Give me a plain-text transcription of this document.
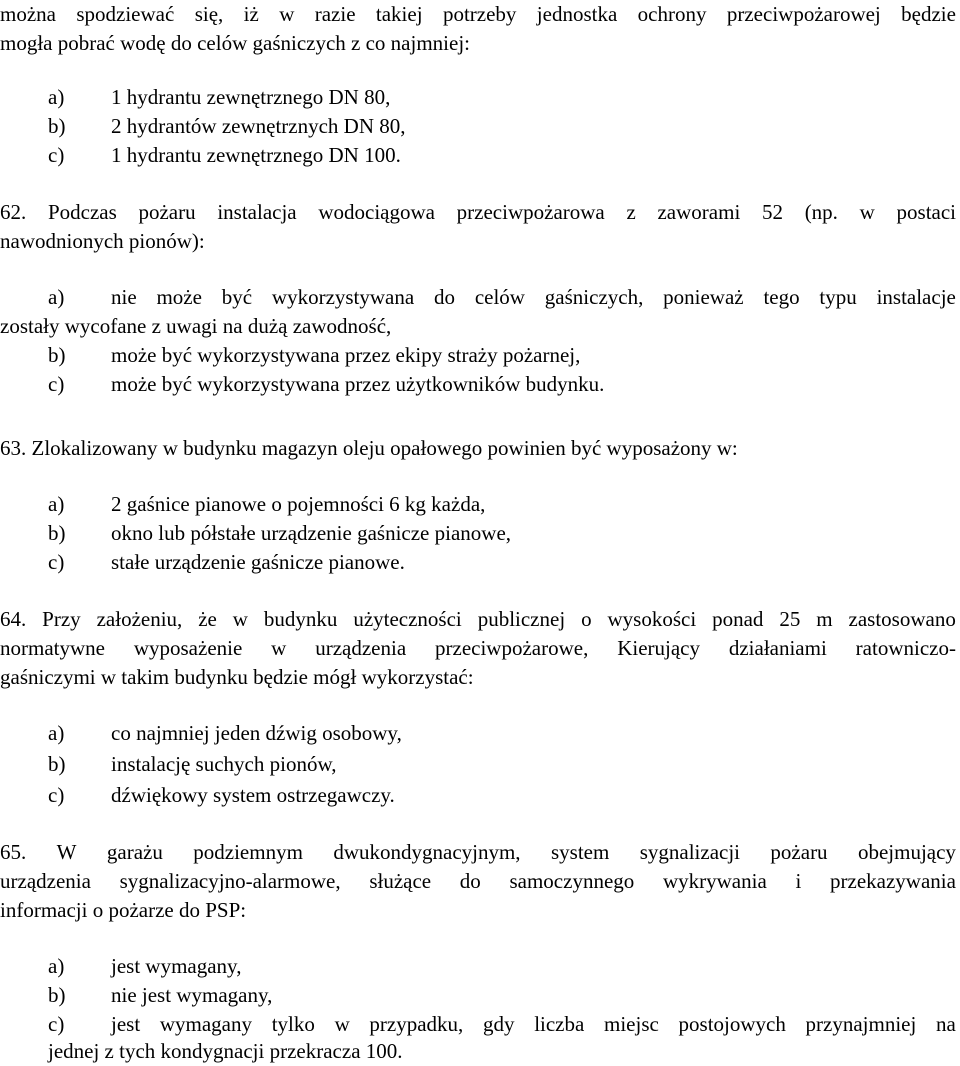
można spodziewać się, iż w razie takiej potrzeby jednostka ochrony przeciwpożarowej będzie
mogła pobrać wodę do celów gaśniczych z co najmniej:
a) 1 hydrantu zewnętrznego DN 80,
b) 2 hydrantów zewnętrznych DN 80,
c) 1 hydrantu zewnętrznego DN 100.
62. Podczas pożaru instalacja wodociągowa przeciwpożarowa z zaworami 52 (np. w postaci
nawodnionych pionów):
a) nie może być wykorzystywana do celów gaśniczych, ponieważ tego typu instalacje
zostały wycofane z uwagi na dużą zawodność,
b) może być wykorzystywana przez ekipy straży pożarnej,
c) może być wykorzystywana przez użytkowników budynku.
63. Zlokalizowany w budynku magazyn oleju opałowego powinien być wyposażony w:
a) 2 gaśnice pianowe o pojemności 6 kg każda,
b) okno lub półstałe urządzenie gaśnicze pianowe,
c) stałe urządzenie gaśnicze pianowe.
64. Przy założeniu, że w budynku użyteczności publicznej o wysokości ponad 25 m zastosowano
normatywne wyposażenie w urządzenia przeciwpożarowe, Kierujący działaniami ratowniczo-
gaśniczymi w takim budynku będzie mógł wykorzystać:
a) co najmniej jeden dźwig osobowy,
b) instalację suchych pionów,
c) dźwiękowy system ostrzegawczy.
65. W garażu podziemnym dwukondygnacyjnym, system sygnalizacji pożaru obejmujący
urządzenia sygnalizacyjno-alarmowe, służące do samoczynnego wykrywania i przekazywania
informacji o pożarze do PSP:
a) jest wymagany,
b) nie jest wymagany,
c) jest wymagany tylko w przypadku, gdy liczba miejsc postojowych przynajmniej na
jednej z tych kondygnacji przekracza 100.
